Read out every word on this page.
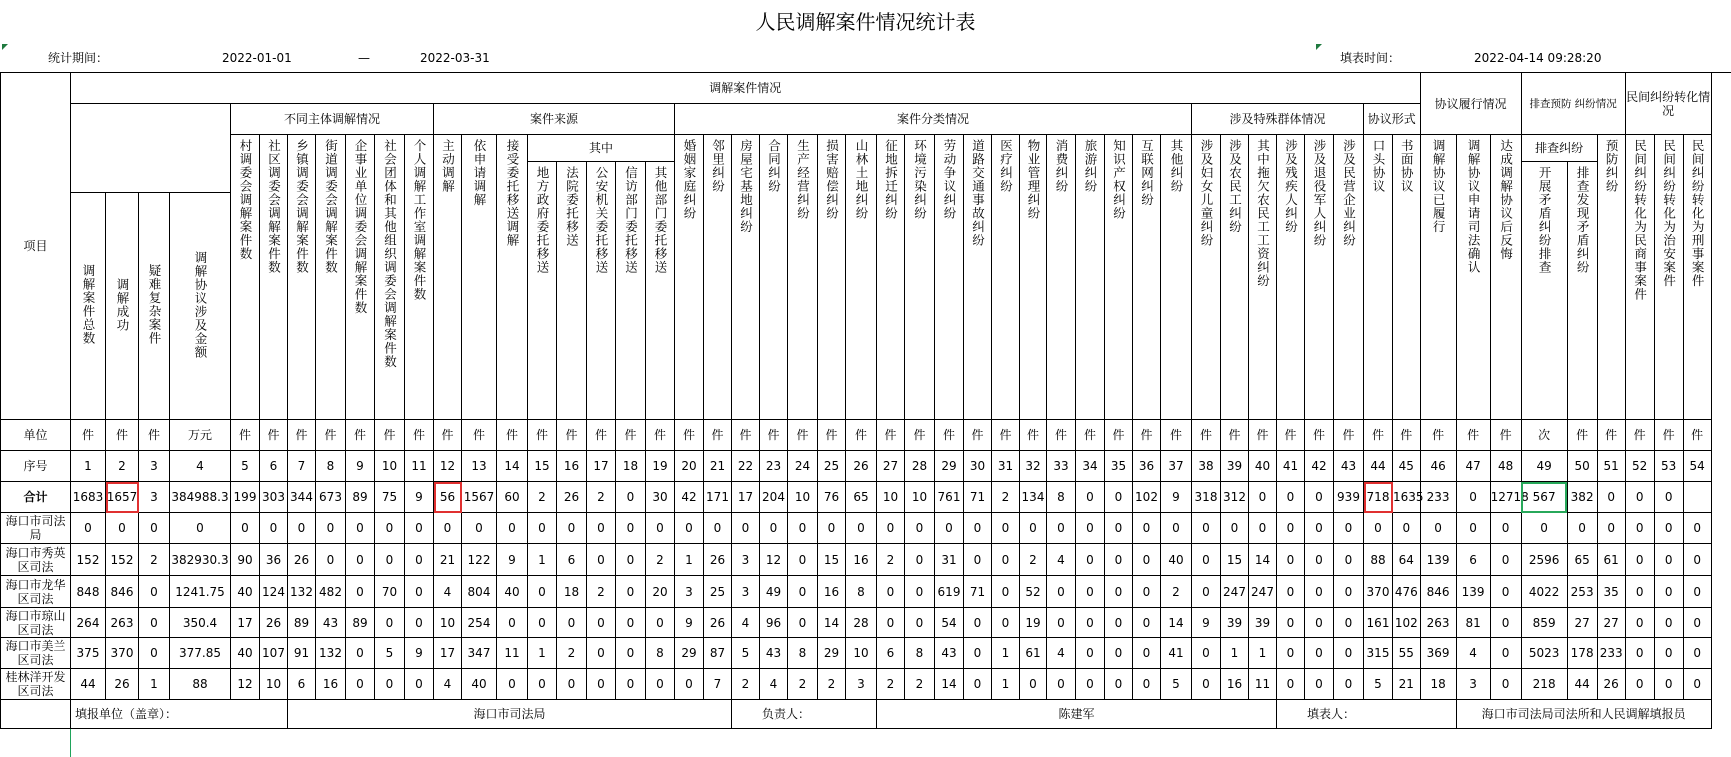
人民调解案件情况统计表
统计期间：	2022-01-01	—	2022-03-31	填表时间：	2022-04-14 09:28:20
项目	调解案件情况																																													协议履行情况			排查预防 纠纷情况			民间纠纷转化情况		
					不同主体调解情况							案件来源								案件分类情况																		涉及特殊群体情况						协议形式										
					村调委会调解案件数	社区调委会调解案件数	乡镇调委会调解案件数	街道调委会调解案件数	企事业单位调委会调解案件数	社会团体和其他组织调委会调解案件数	个人调解工作室调解案件数	主动调解	依申请调解	接受委托移送调解	其中					婚姻家庭纠纷	邻里纠纷	房屋宅基地纠纷	合同纠纷	生产经营纠纷	损害赔偿纠纷	山林土地纠纷	征地拆迁纠纷	环境污染纠纷	劳动争议纠纷	道路交通事故纠纷	医疗纠纷	物业管理纠纷	消费纠纷	旅游纠纷	知识产权纠纷	互联网纠纷	其他纠纷	涉及妇女儿童纠纷	涉及农民工纠纷	其中拖欠农民工工资纠纷	涉及残疾人纠纷	涉及退役军人纠纷	涉及民营企业纠纷	口头协议	书面协议	调解协议已履行	调解协议申请司法确认	达成调解协议后反悔	排查纠纷		预防纠纷	民间纠纷转化为民商事案件	民间纠纷转化为治安案件	民间纠纷转化为刑事案件
															地方政府委托移送	法院委托移送	公安机关委托移送	信访部门委托移送	其他部门委托移送																														开展矛盾纠纷排查	排查发现矛盾纠纷				
	调解案件总数	调解成功	疑难复杂案件	调解协议涉及金额																																																		
单位	件	件	件	万元	件	件	件	件	件	件	件	件	件	件	件	件	件	件	件	件	件	件	件	件	件	件	件	件	件	件	件	件	件	件	件	件	件	件	件	件	件	件	件	件	件	件	件	件	次	件	件	件	件	件
序号	1	2	3	4	5	6	7	8	9	10	11	12	13	14	15	16	17	18	19	20	21	22	23	24	25	26	27	28	29	30	31	32	33	34	35	36	37	38	39	40	41	42	43	44	45	46	47	48	49	50	51	52	53	54
合计	1683	1657	3	384988.3	199	303	344	673	89	75	9	56	1567	60	2	26	2	0	30	42	171	17	204	10	76	65	10	10	761	71	2	134	8	0	0	102	9	318	312	0	0	0	939	718	1635	233	0	12718	567	382	0	0	0	
海口市司法局	0	0	0	0	0	0	0	0	0	0	0	0	0	0	0	0	0	0	0	0	0	0	0	0	0	0	0	0	0	0	0	0	0	0	0	0	0	0	0	0	0	0	0	0	0	0	0	0	0	0	0	0	0	0
海口市秀英区司法	152	152	2	382930.3	90	36	26	0	0	0	0	21	122	9	1	6	0	0	2	1	26	3	12	0	15	16	2	0	31	0	0	2	4	0	0	0	40	0	15	14	0	0	0	88	64	139	6	0	2596	65	61	0	0	0
海口市龙华区司法	848	846	0	1241.75	40	124	132	482	0	70	0	4	804	40	0	18	2	0	20	3	25	3	49	0	16	8	0	0	619	71	0	52	0	0	0	0	2	0	247	247	0	0	0	370	476	846	139	0	4022	253	35	0	0	0
海口市琼山区司法	264	263	0	350.4	17	26	89	43	89	0	0	10	254	0	0	0	0	0	0	9	26	4	96	0	14	28	0	0	54	0	0	19	0	0	0	0	14	9	39	39	0	0	0	161	102	263	81	0	859	27	27	0	0	0
海口市美兰区司法	375	370	0	377.85	40	107	91	132	0	5	9	17	347	11	1	2	0	0	8	29	87	5	43	8	29	10	6	8	43	0	1	61	4	0	0	0	41	0	1	1	0	0	0	315	55	369	4	0	5023	178	233	0	0	0
桂林洋开发区司法	44	26	1	88	12	10	6	16	0	0	0	4	40	0	0	0	0	0	0	0	7	2	4	2	2	3	2	2	14	0	1	0	0	0	0	0	5	0	16	11	0	0	0	5	21	18	3	0	218	44	26	0	0	0
	填报单位（盖章）：						海口市司法局															负责人：					陈建军														填表人：						海口市司法局司法所和人民调解填报员							
